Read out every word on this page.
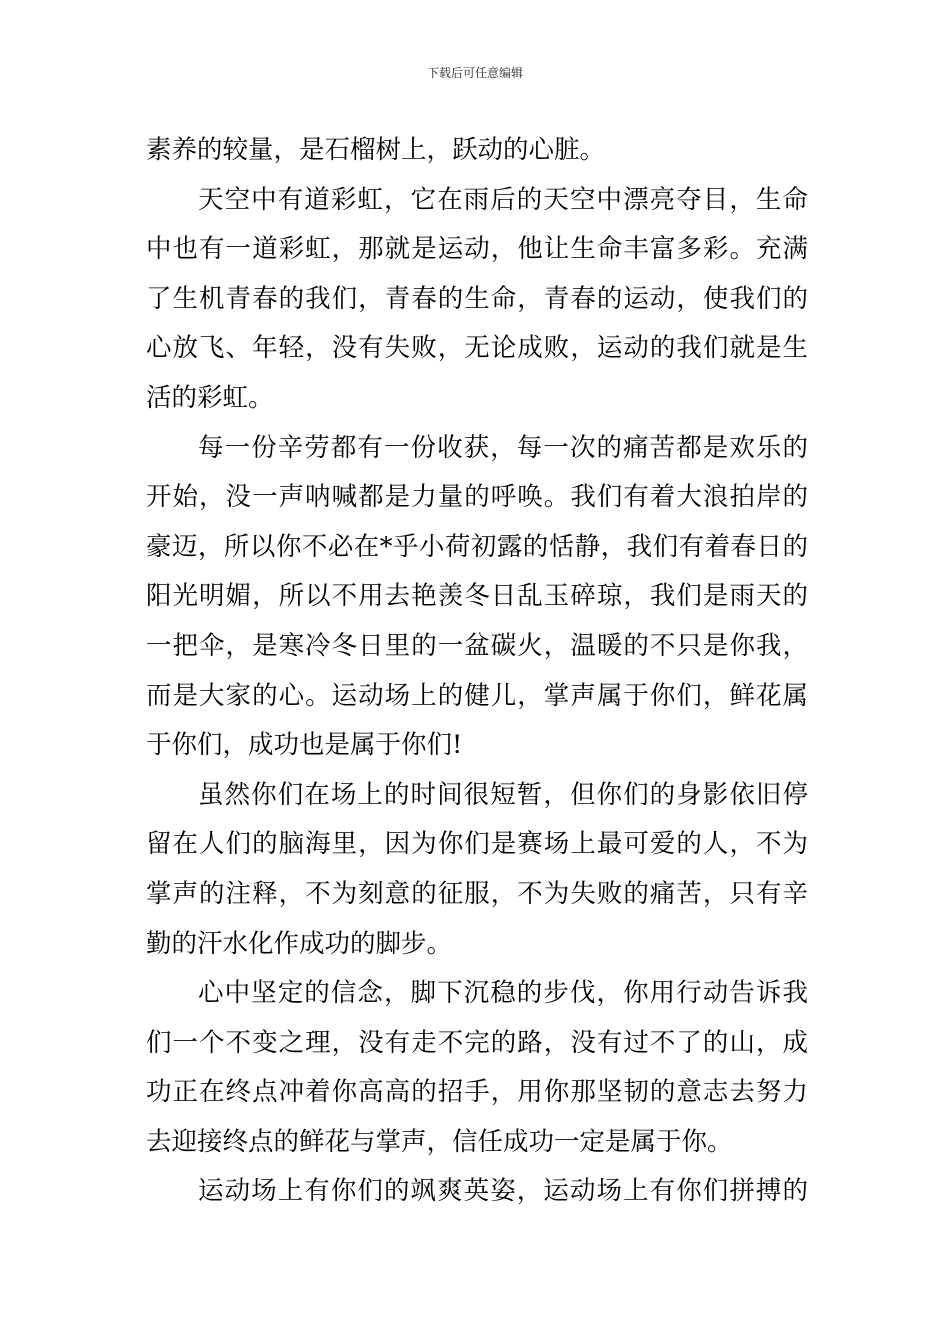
下载后可任意编辑
素养的较量，是石榴树上，跃动的心脏。
天空中有道彩虹，它在雨后的天空中漂亮夺目，生命
中也有一道彩虹，那就是运动，他让生命丰富多彩。充满
了生机青春的我们，青春的生命，青春的运动，使我们的
心放飞、年轻，没有失败，无论成败，运动的我们就是生
活的彩虹。
每一份辛劳都有一份收获，每一次的痛苦都是欢乐的
开始，没一声呐喊都是力量的呼唤。我们有着大浪拍岸的
豪迈，所以你不必在*乎小荷初露的恬静，我们有着春日的
阳光明媚，所以不用去艳羡冬日乱玉碎琼，我们是雨天的
一把伞，是寒冷冬日里的一盆碳火，温暖的不只是你我，
而是大家的心。运动场上的健儿，掌声属于你们，鲜花属
于你们，成功也是属于你们!
虽然你们在场上的时间很短暂，但你们的身影依旧停
留在人们的脑海里，因为你们是赛场上最可爱的人，不为
掌声的注释，不为刻意的征服，不为失败的痛苦，只有辛
勤的汗水化作成功的脚步。
心中坚定的信念，脚下沉稳的步伐，你用行动告诉我
们一个不变之理，没有走不完的路，没有过不了的山，成
功正在终点冲着你高高的招手，用你那坚韧的意志去努力
去迎接终点的鲜花与掌声，信任成功一定是属于你。
运动场上有你们的飒爽英姿，运动场上有你们拼搏的
